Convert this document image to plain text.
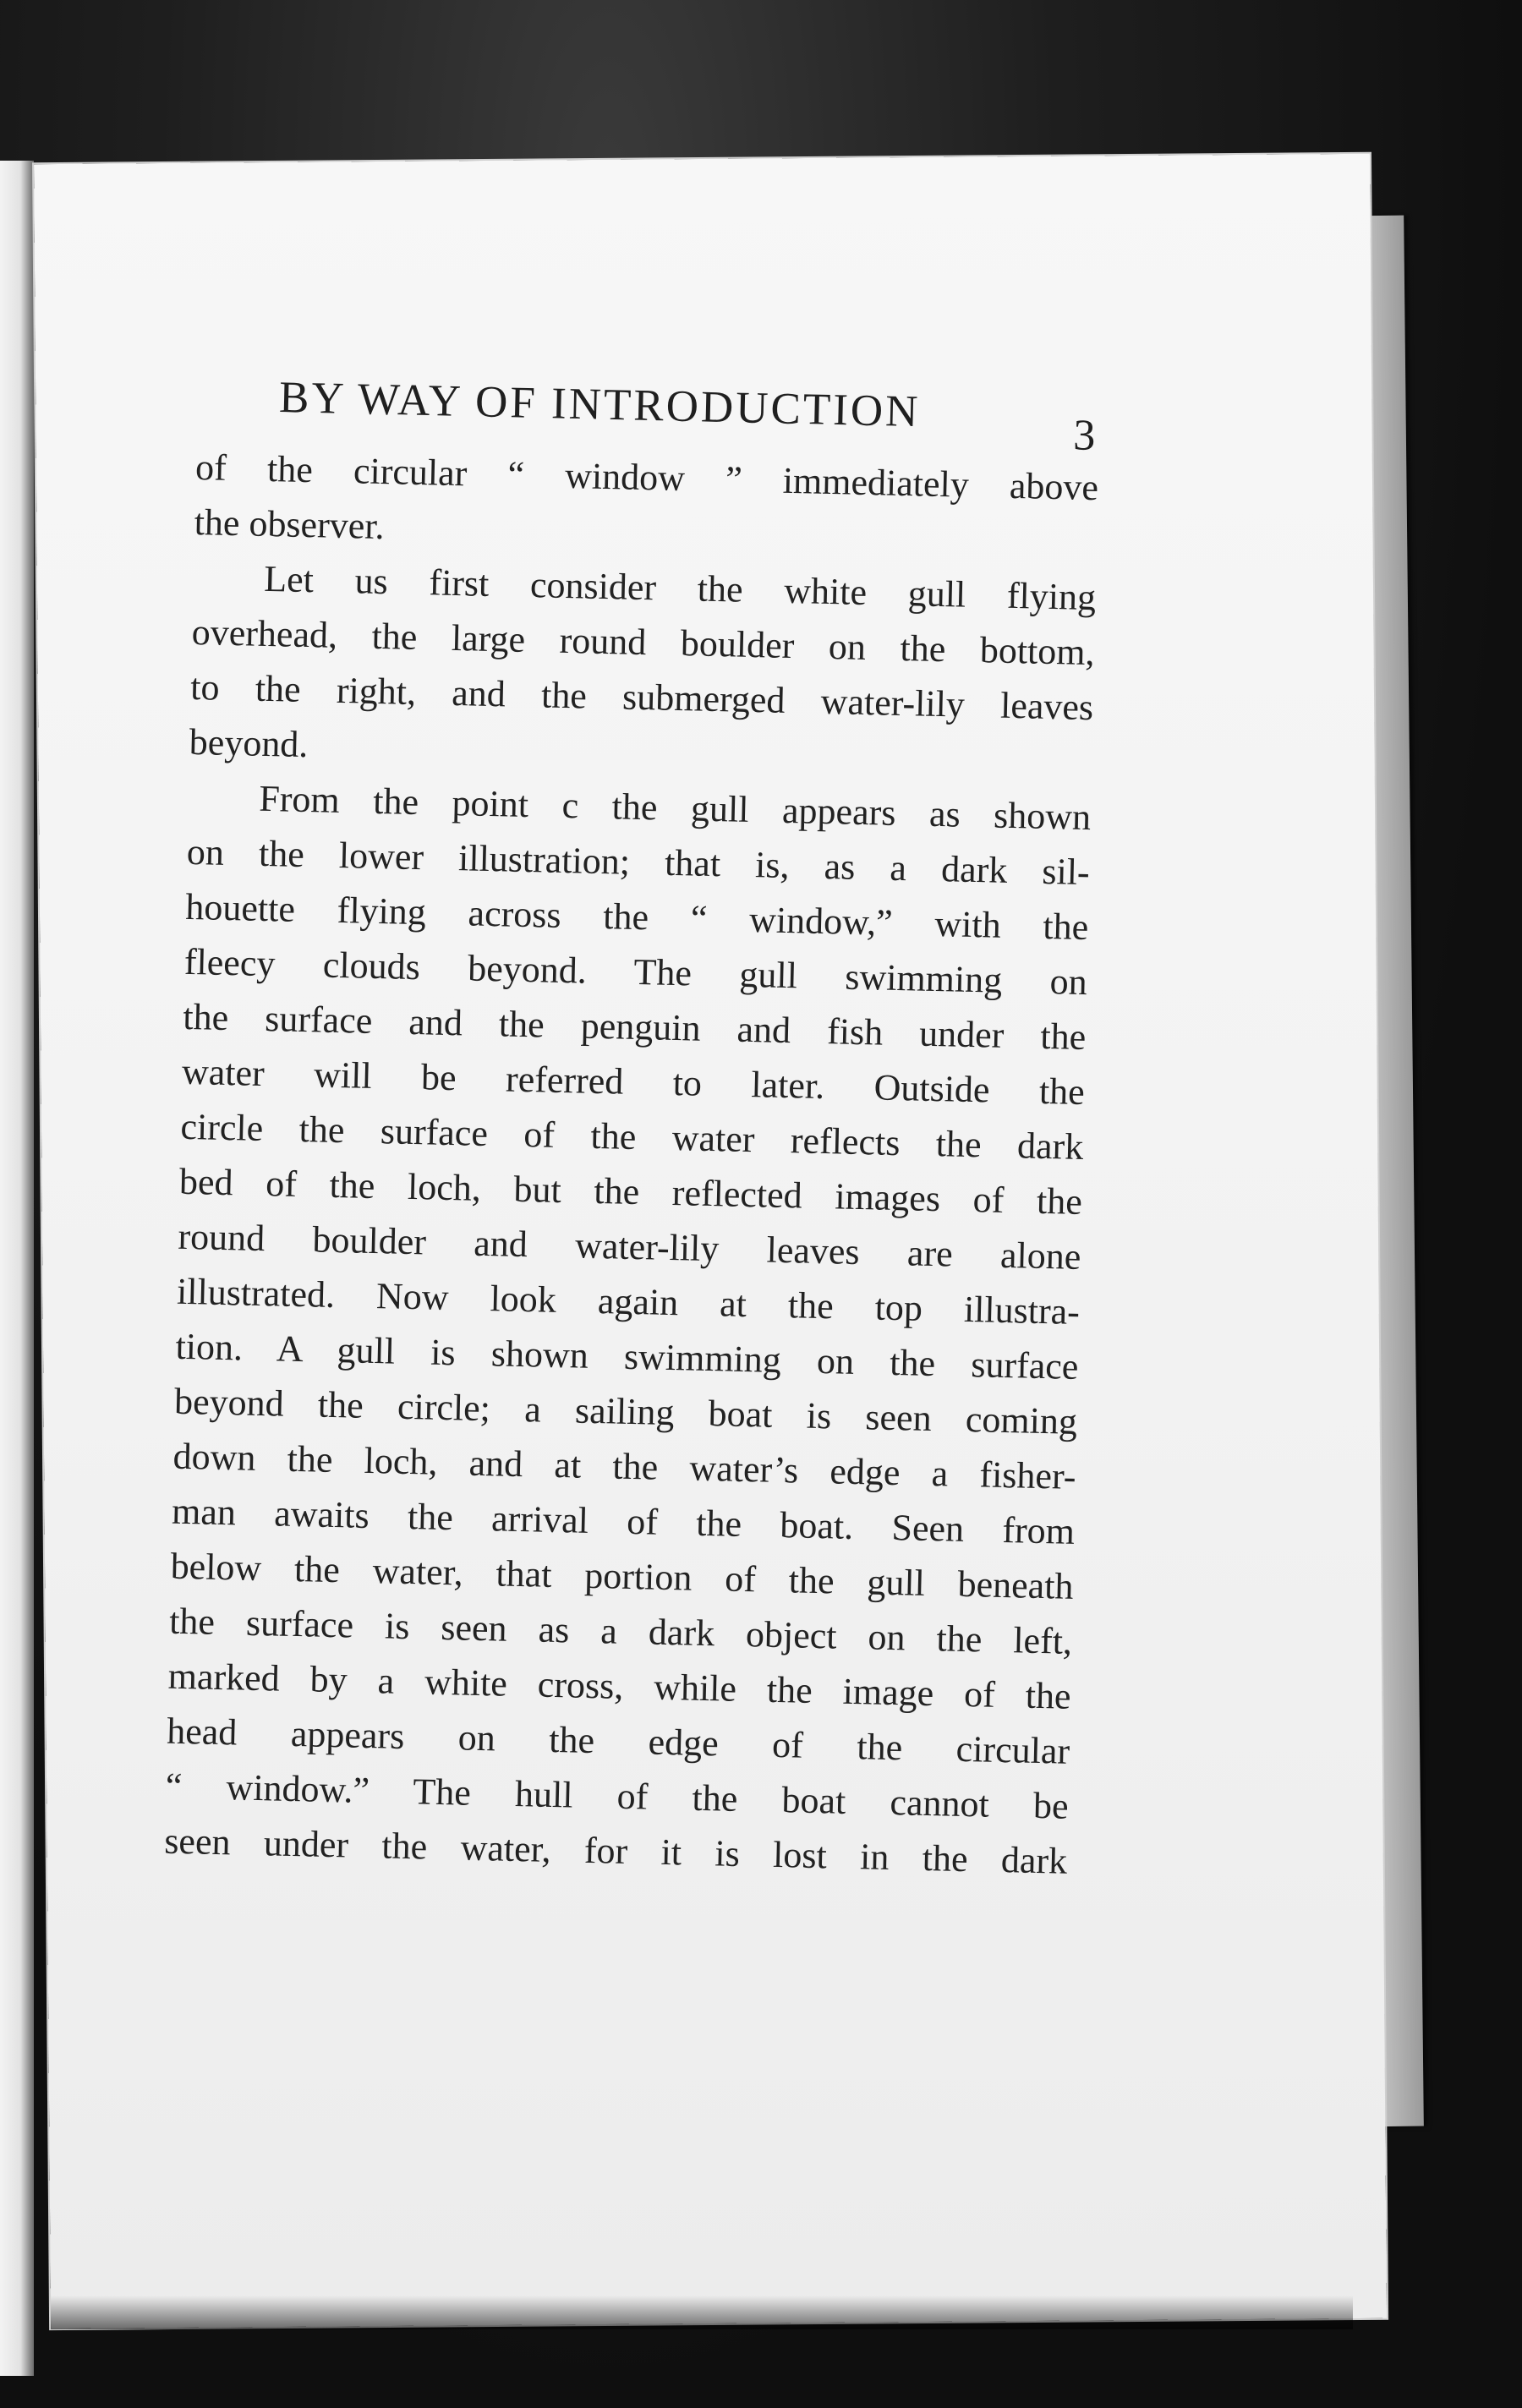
BY WAY OF INTRODUCTION	3

of the circular “ window ” immediately above
the observer.

Let us first consider the white gull flying
overhead, the large round boulder on the bottom,
to the right, and the submerged water-lily leaves
beyond.

From the point c the gull appears as shown
on the lower illustration; that is, as a dark sil-
houette flying across the “ window,” with the
fleecy clouds beyond. The gull swimming on
the surface and the penguin and fish under the
water will be referred to later. Outside the
circle the surface of the water reflects the dark
bed of the loch, but the reflected images of the
round boulder and water-lily leaves are alone
illustrated. Now look again at the top illustra-
tion. A gull is shown swimming on the surface
beyond the circle; a sailing boat is seen coming
down the loch, and at the water’s edge a fisher-
man awaits the arrival of the boat. Seen from
below the water, that portion of the gull beneath
the surface is seen as a dark object on the left,
marked by a white cross, while the image of the
head appears on the edge of the circular
“ window.” The hull of the boat cannot be
seen under the water, for it is lost in the dark
